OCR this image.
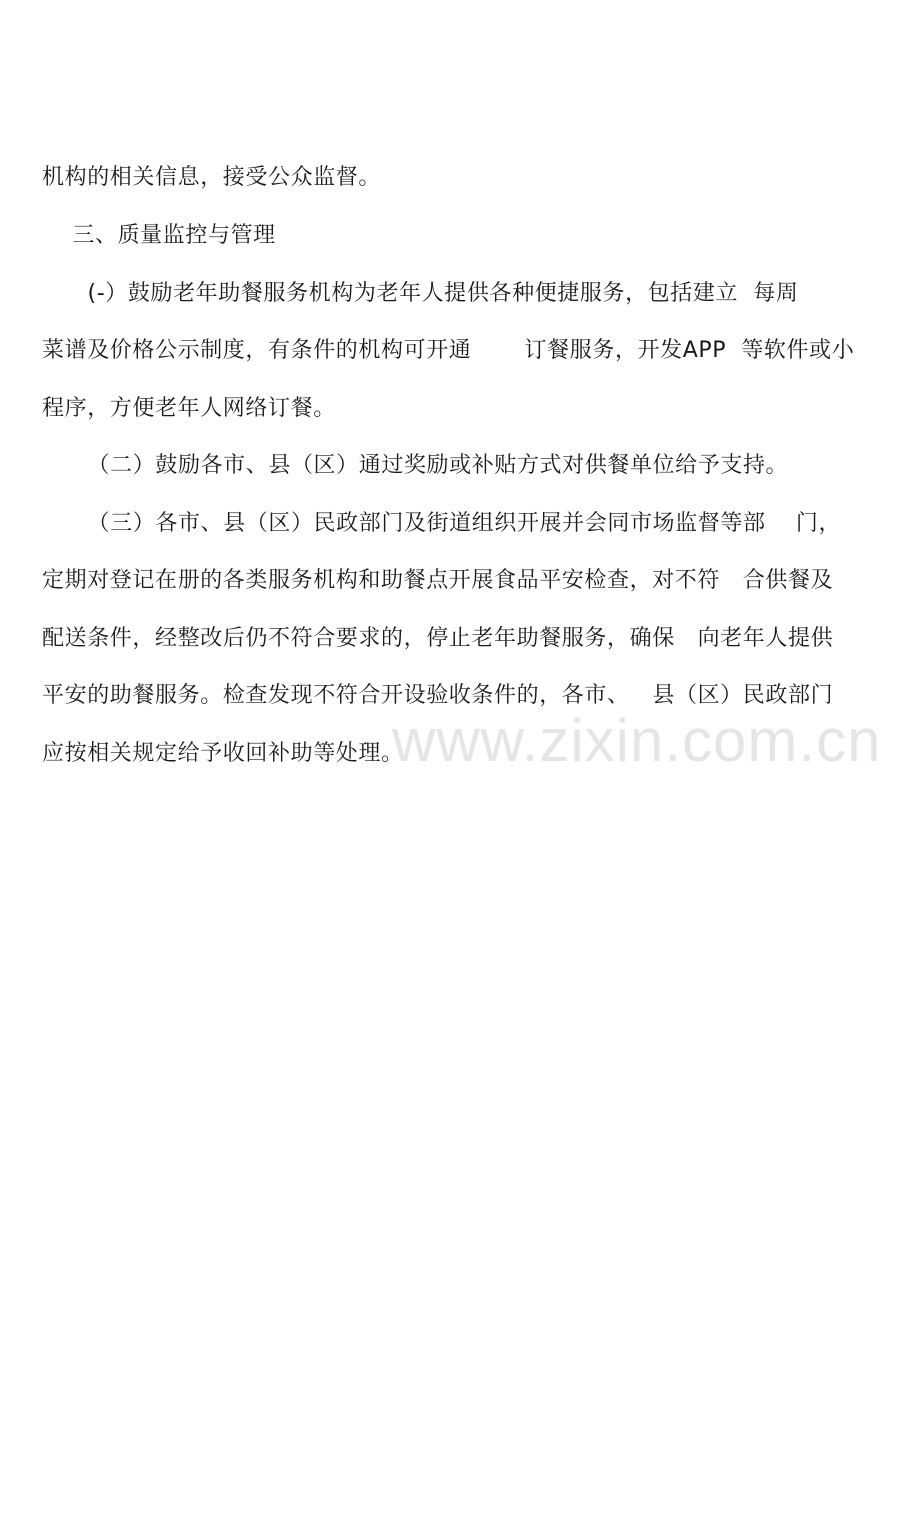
机构的相关信息，接受公众监督。
三、质量监控与管理
(-）鼓励老年助餐服务机构为老年人提供各种便捷服务，包括建立  每周
菜谱及价格公示制度，有条件的机构可开通       订餐服务，开发APP  等软件或小
程序，方便老年人网络订餐。
（二）鼓励各市、县（区）通过奖励或补贴方式对供餐单位给予支持。
（三）各市、县（区）民政部门及街道组织开展并会同市场监督等部    门，
定期对登记在册的各类服务机构和助餐点开展食品平安检查，对不符   合供餐及
配送条件，经整改后仍不符合要求的，停止老年助餐服务，确保   向老年人提供
平安的助餐服务。检查发现不符合开设验收条件的，各市、   县（区）民政部门
应按相关规定给予收回补助等处理。
www.zixin.com.cn
